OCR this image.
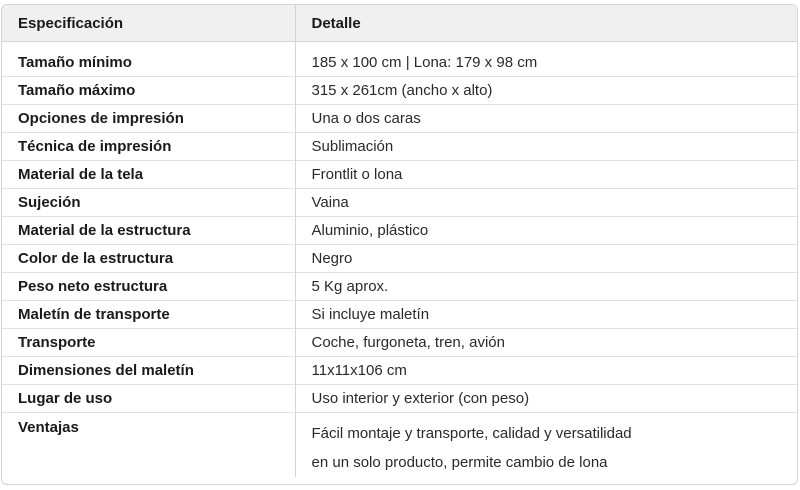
Especificación	Detalle
Tamaño mínimo	185 x 100 cm | Lona: 179 x 98 cm
Tamaño máximo	315 x 261cm (ancho x alto)
Opciones de impresión	Una o dos caras
Técnica de impresión	Sublimación
Material de la tela	Frontlit o lona
Sujeción	Vaina
Material de la estructura	Aluminio, plástico
Color de la estructura	Negro
Peso neto estructura	5 Kg aprox.
Maletín de transporte	Si incluye maletín
Transporte	Coche, furgoneta, tren, avión
Dimensiones del maletín	11x11x106 cm
Lugar de uso	Uso interior y exterior (con peso)
Ventajas	Fácil montaje y transporte, calidad y versatilidad
en un solo producto, permite cambio de lona
